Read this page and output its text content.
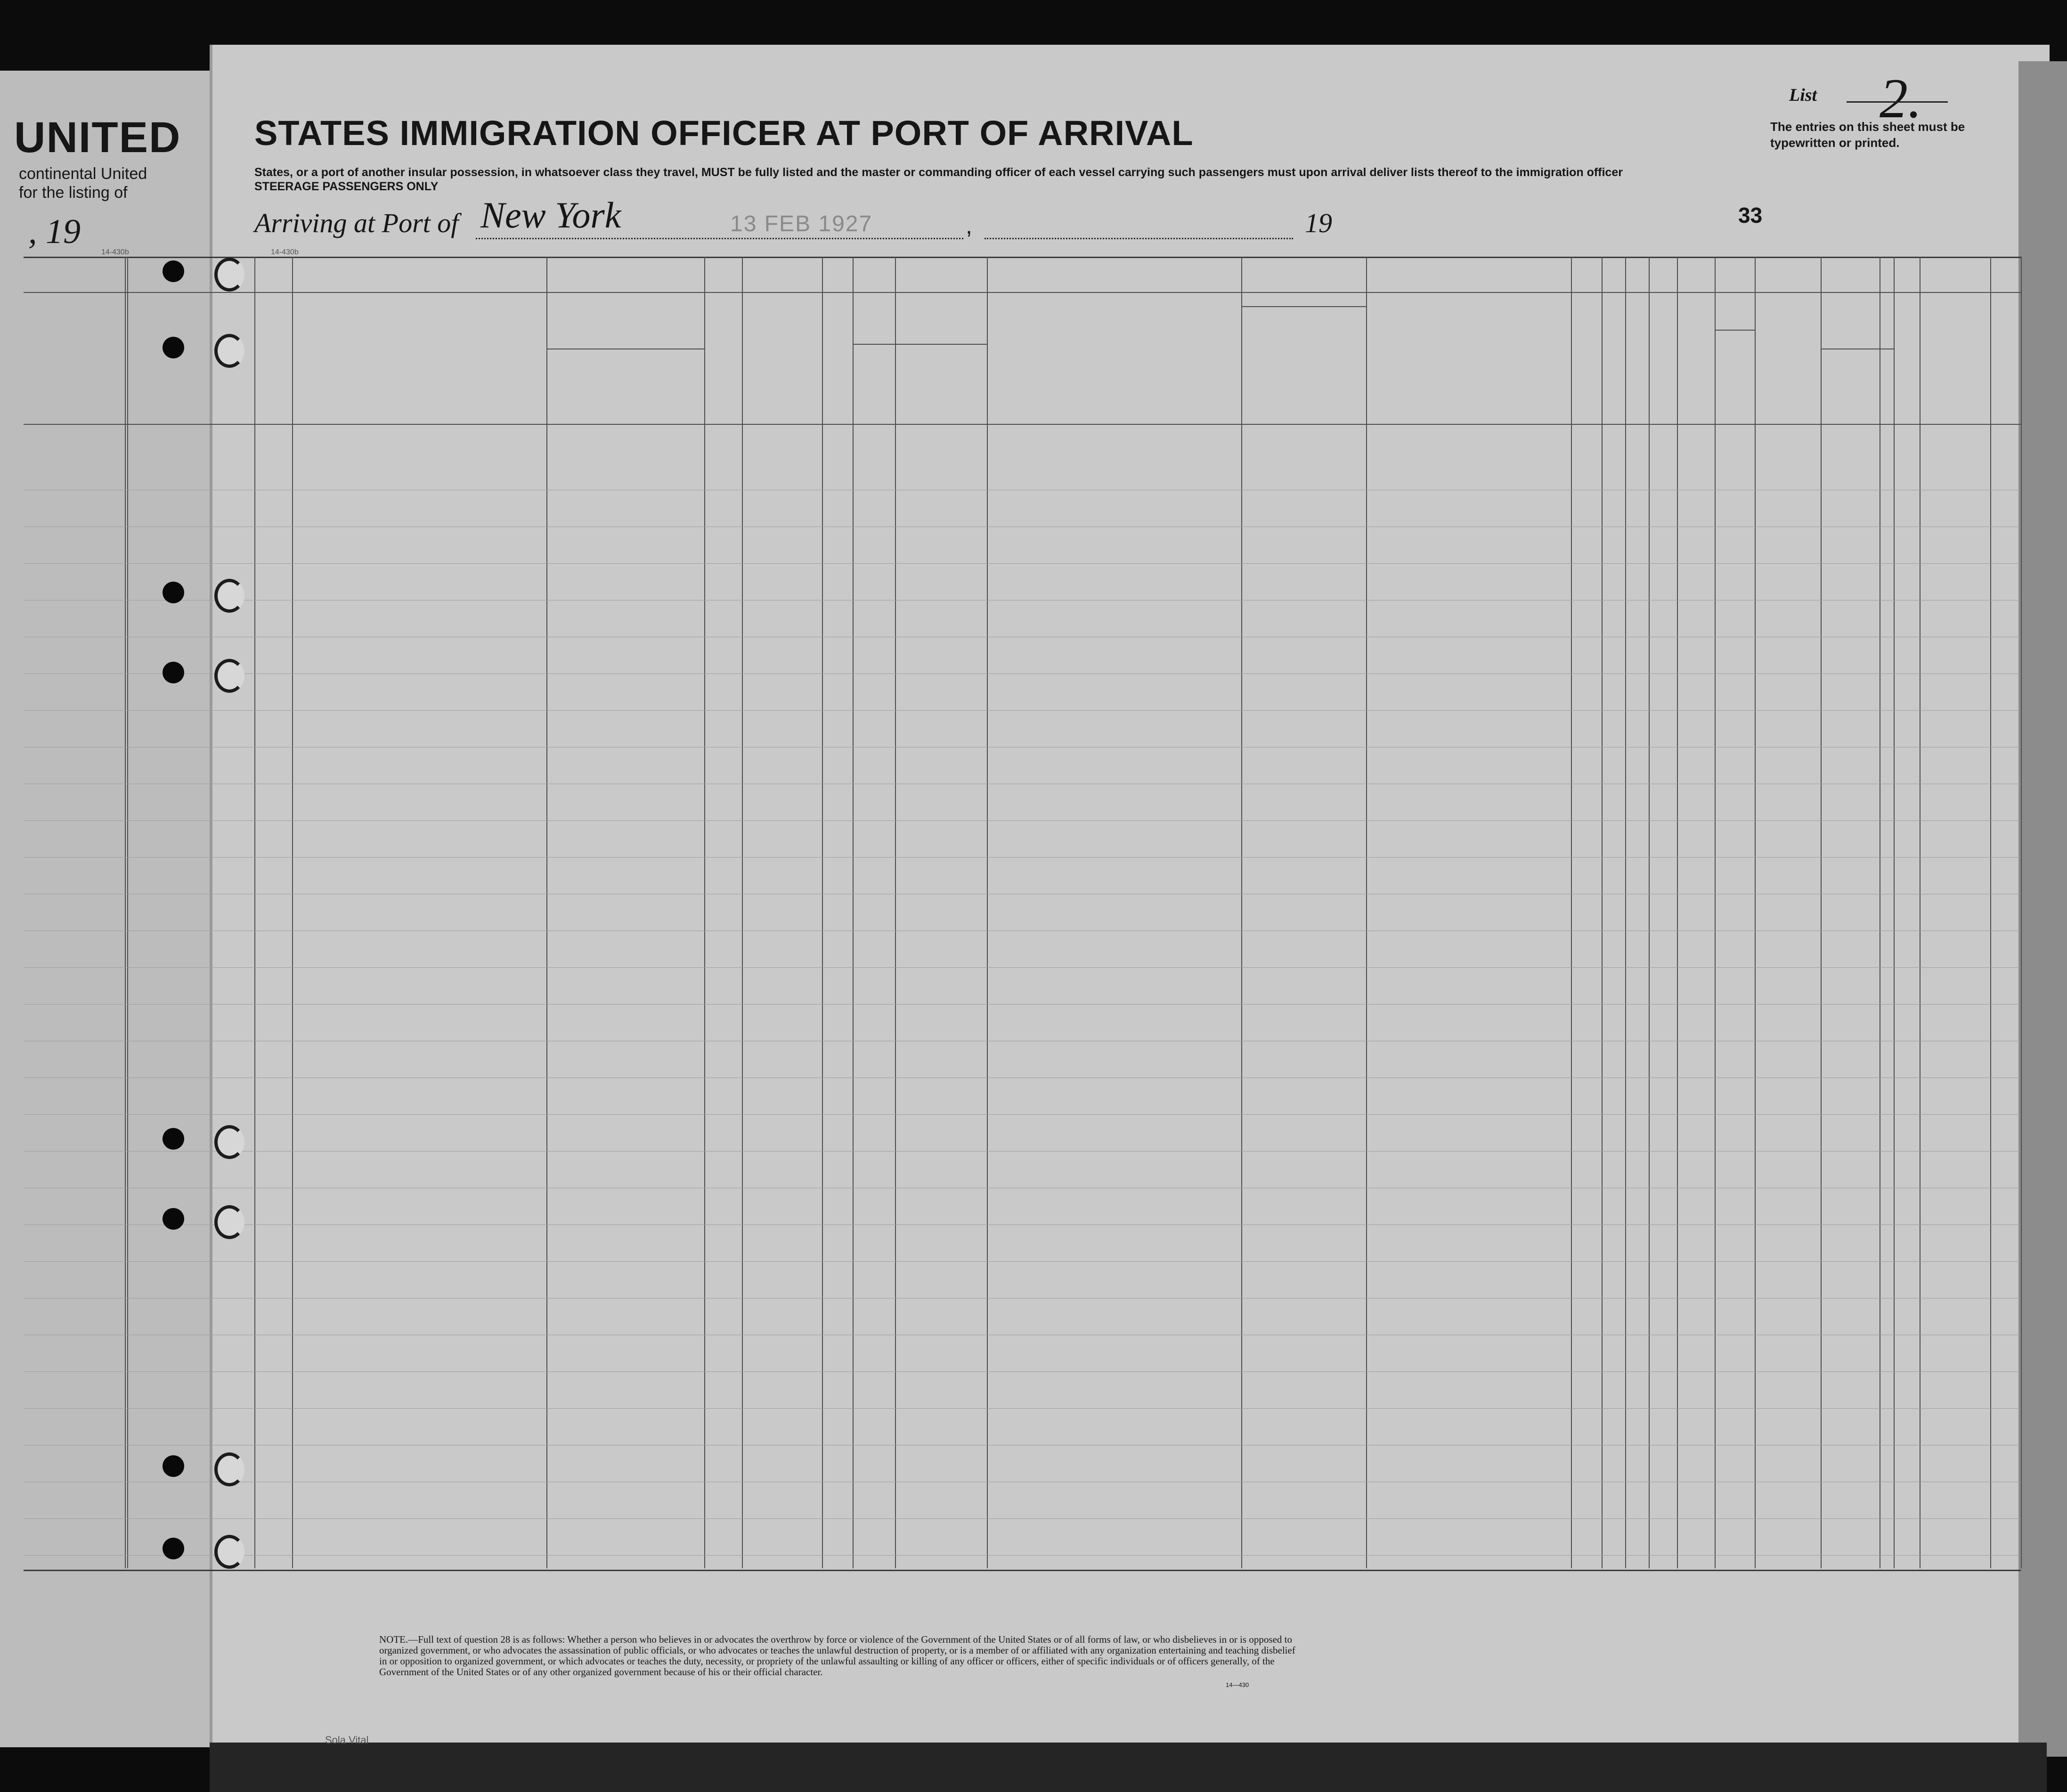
UNITED
continental United
for the listing of
, 19
STATES IMMIGRATION OFFICER AT PORT OF ARRIVAL
List 2.
The entries on this sheet must be typewritten or printed.
States, or a port of another insular possession, in whatsoever class they travel, MUST be fully listed and the master or commanding officer of each vessel carrying such passengers must upon arrival deliver lists thereof to the immigration officer
STEERAGE PASSENGERS ONLY
Arriving at Port of New York	,
13 FEB 1927	19	33
14-430b	14-430b
NOTE.—Full text of question 28 is as follows: Whether a person who believes in or advocates the overthrow by force or violence of the Government of the United States or of all forms of law, or who disbelieves in or is opposed to organized government, or who advocates the assassination of public officials, or who advocates or teaches the unlawful destruction of property, or is a member of or affiliated with any organization entertaining and teaching disbelief in or opposition to organized government, or which advocates or teaches the duty, necessity, or propriety of the unlawful assaulting or killing of any officer or officers, either of specific individuals or of officers generally, of the Government of the United States or of any other organized government because of his or their official character.
14—430
Sola Vital
